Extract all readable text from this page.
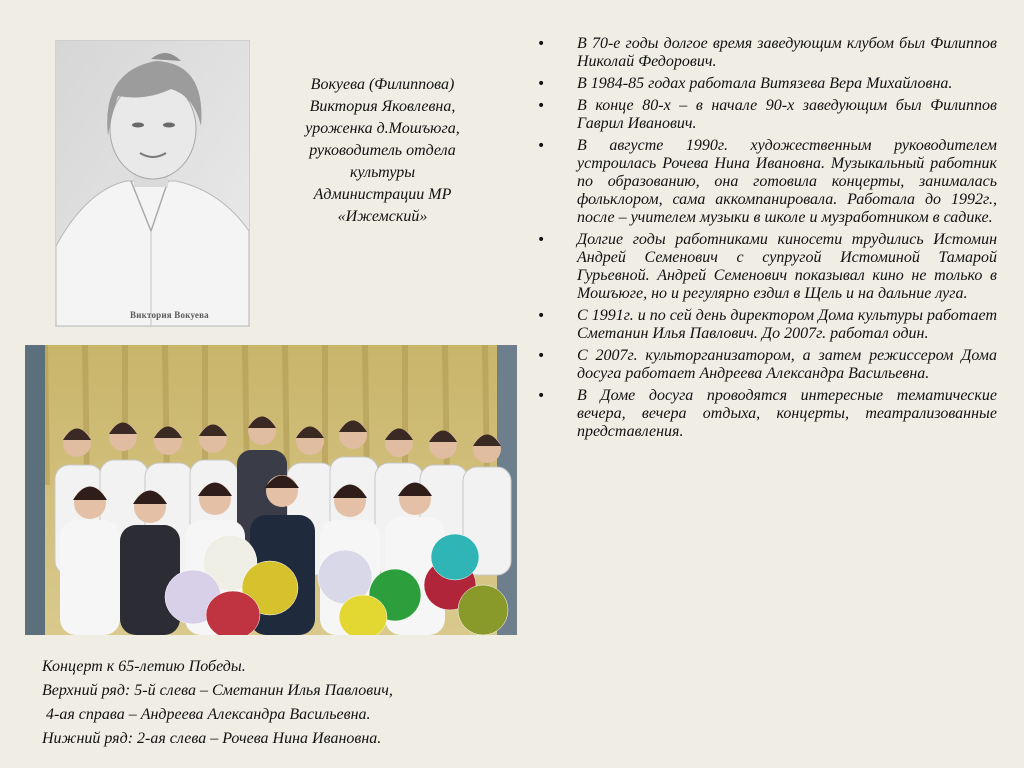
Виктория Вокуева
Вокуева (Филиппова)
Виктория Яковлевна,
уроженка д.Мошъюга,
руководитель отдела
культуры
Администрации МР
«Ижемский»
Концерт к 65-летию Победы.
Верхний ряд: 5-й слева – Сметанин Илья Павлович,
4-ая справа – Андреева Александра Васильевна.
Нижний ряд: 2-ая слева – Рочева Нина Ивановна.
• В 70-е годы долгое время заведующим клубом был Филиппов Николай Федорович.
• В 1984-85 годах работала Витязева Вера Михайловна.
• В конце 80-х – в начале 90-х заведующим был Филиппов Гаврил Иванович.
• В августе 1990г. художественным руководителем устроилась Рочева Нина Ивановна. Музыкальный работник по образованию, она готовила концерты, занималась фольклором, сама аккомпанировала. Работала до 1992г., после – учителем музыки в школе и музработником в садике.
• Долгие годы работниками киносети трудились Истомин Андрей Семенович с супругой Истоминой Тамарой Гурьевной. Андрей Семенович показывал кино не только в Мошъюге, но и регулярно ездил в Щель и на дальние луга.
• С 1991г. и по сей день директором Дома культуры работает Сметанин Илья Павлович. До 2007г. работал один.
• С 2007г. культорганизатором, а затем режиссером Дома досуга работает Андреева Александра Васильевна.
• В Доме досуга проводятся интересные тематические вечера, вечера отдыха, концерты, театрализованные представления.
